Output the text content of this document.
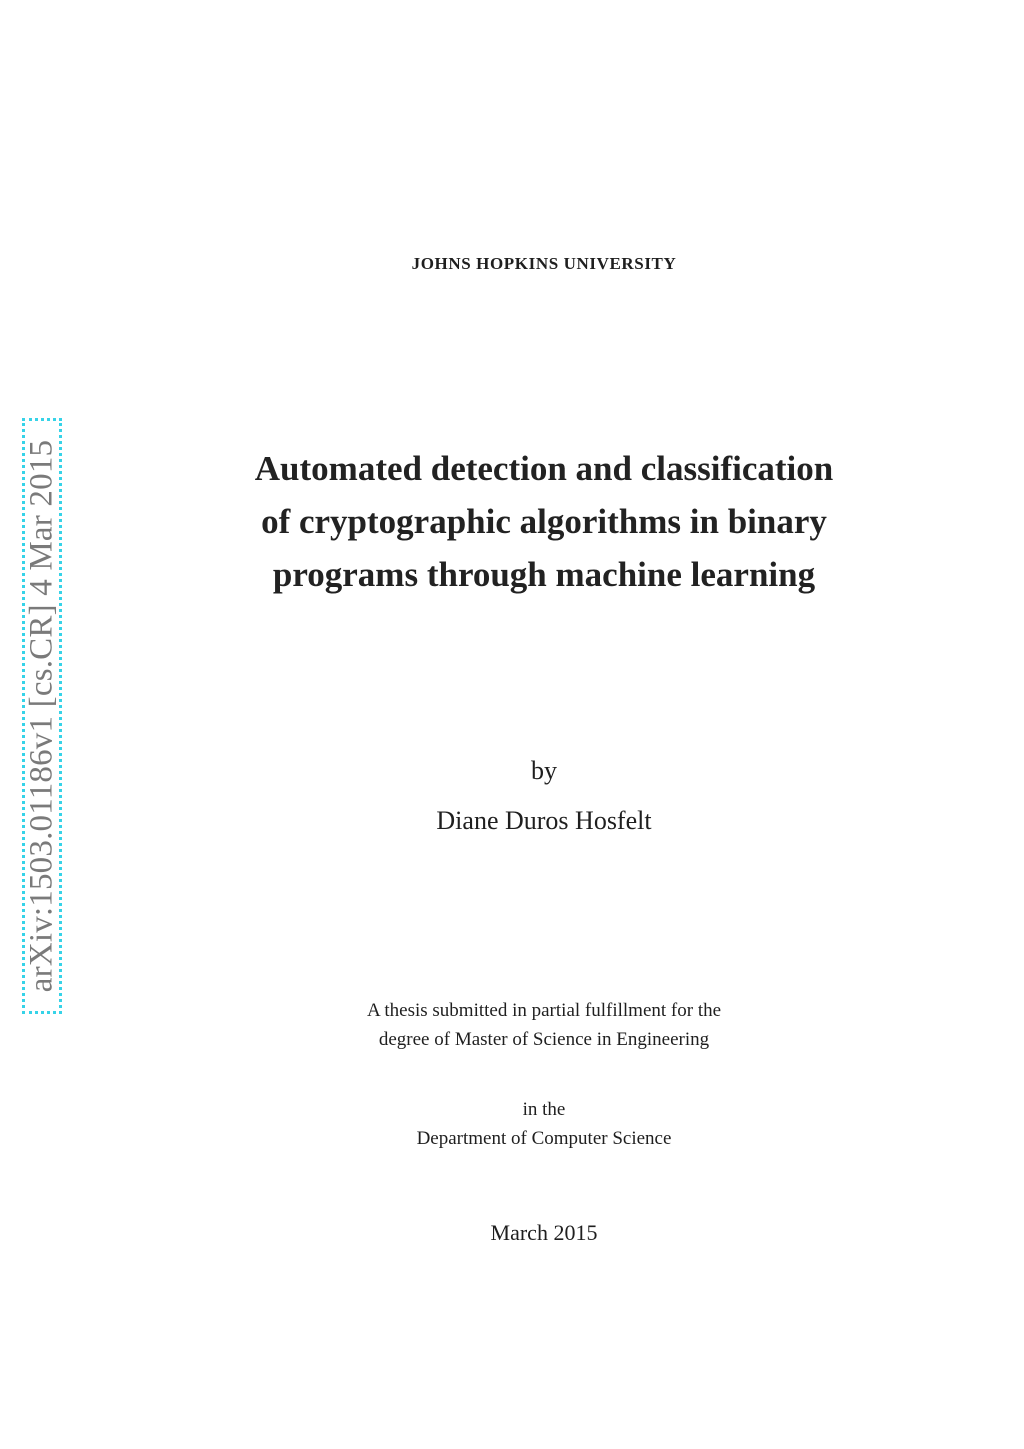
arXiv:1503.01186v1 [cs.CR] 4 Mar 2015
JOHNS HOPKINS UNIVERSITY
Automated detection and classification
of cryptographic algorithms in binary
programs through machine learning
by
Diane Duros Hosfelt
A thesis submitted in partial fulfillment for the
degree of Master of Science in Engineering
in the
Department of Computer Science
March 2015
